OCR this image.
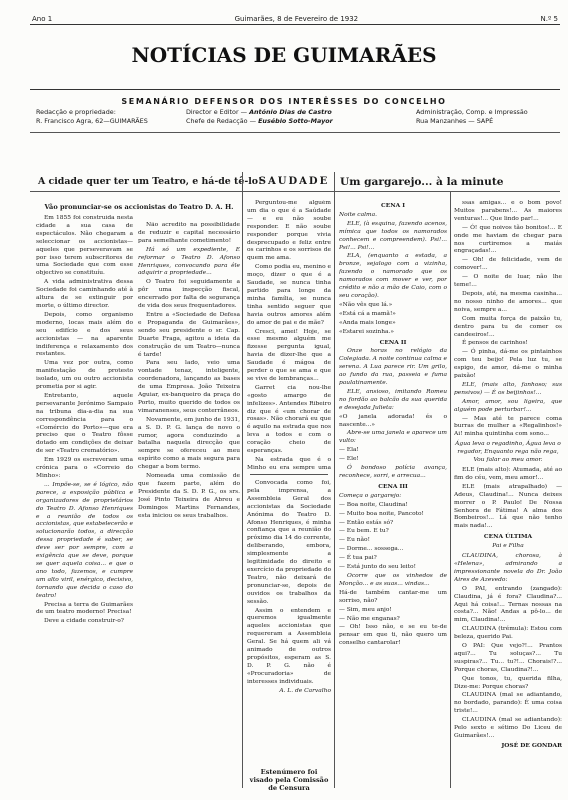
Ano 1	Guimarães, 8 de Fevereiro de 1932	N.º 5
NOTÍCIAS DE GUIMARÃES
SEMANÁRIO DEFENSOR DOS INTERÊSSES DO CONCELHO
Redacção e propriedade:
R. Francisco Agra, 62—GUIMARÃES
Director e Editor — António Dias de Castro
Chefe de Redacção — Eusébio Sotto-Mayor
Administração, Comp. e Impressão
Rua Manzanhes — SAPÉ
A cidade quer ter um Teatro, e há-de tê-lo!
SAUDADE	Um gargarejo... à la minute
Vão pronunciar-se os accionistas do Teatro D. A. H.

Em 1855 foi construída nesta cidade a sua casa de espectáculos. Não chegaram a seleccionar os accionistas—aqueles que perseveravam se por isso terem subscritores de uma Sociedade que com esse objectivo se constituíu.

A vida administrativa dessa Sociedade foi caminhando até à altura de se extinguir por morte, o último director.

Depois, como organismo moderno, locas mais além do seu edifício e dos seus accionistas — na aparente indiferença e relaxamento dos restantes.

Uma vez por outra, como manifestação de protesto isolado, um ou outro accionista prometia por si agir.

Entretanto, aquele persevarante Jerónimo Sampaio na tribuna dia-a-dia na sua correspondência para o «Comércio do Porto»—que era preciso que o Teatro fôsse dotado em condições de deixar de ser «Teatro crematório».

Em 1929 os escreveram uma crónica para o «Correio do Minho»:

... Impõe-se, se é lógico, não parece, a exposição pública e organizadores de proprietários do Teatro D. Afonso Henriques e a reunião de todos os accionistas, que estabelecerão e solucionarão todos, a direcção dessa propriedade é saber, se deve ser por sempre, com a exigência que se deve, porque se quer aquela coisa... e que o ano todo, fazemos, e cumpre um alto viril, enérgico, decisivo, tornando que decida o caso do teatro!

Precisa a terra de Guimarães de um teatro moderno! Precisa!

Deve a cidade construir-o?

Não acredito na possibilidade de reduzir e capital necessário para semelhante cometimento!

Há só um expediente, E reformar o Teatro D. Afonso Henriques, convocando para êle adquirir a propriedade...

O Teatro foi seguidamente a pôr uma inspecção fiscal, encerrado por falta de segurança de vida dos seus frequentadores.

Entre a «Sociedade de Defesa e Propaganda de Guimarães», sendo seu presidente o sr. Cap. Duarte Fraga, agitou a ideia da construção de um Teatro—nunca é tarde!

Para seu lado, veio uma vontade tenaz, inteligente, coordenadora, lançando as bases de uma Empresa. João Teixeira Aguiar, ex-banqueiro da praça do Porto, muito querido de todos os vimaranenses, seus conterrâneos.

Novamente, em junho de 1931, a S. D. P. G. lança de novo o rumor, agora conduzindo a batalha naquela direcção que sempre se ofereceu ao meu espírito como a mais segura para chegar a bom termo.

Nomeada uma comissão de que fazem parte, além do Presidente da S. D. P. G., os srs. José Pinto Teixeira de Abreu e Domingos Martins Fernandes, esta iniciou os seus trabalhos.

Estenúmero foi visado pela Comissão de Censura

Perguntou-me alguém um dia o que é a Saúdade — e eu não soube responder. E não soube responder porque vivia desprecupado e feliz entre os carinhos e os sorrisos de quem me ama.

Como podia eu, menino e moço, dizer o que é a Saudade, se nunca tinha partido para longe da minha família, se nunca tinha sentido seguer que havia outros amores além do amor de pai e de mãe?

Cresci, amei! Hoje, se esse mesmo alguém me fizesse pergunta igual, havia de dizer-lhe que a Saudade é mágoa de perder o que se ama e que se vive de lembranças...

Garret cia nou-lhe «gosto amargo de infelizes». Antendes Ribeiro diz que é «um chorar de rosas». Não chorará eu que é aquilo na estrada que nos leva a todos e com o coração cheio de esperanças.

Na estrada que é o Minho eu era sempre uma

Convocada como foi, pela imprensa, a Assembleia Geral dos accionistas da Sociedade Anónima do Teatro D. Afonso Henriques, é minha confiança que a reunião do próximo dia 14 do corrente, deliberando, embora, simplesmente a legitimidade do direito e exercício da propriedade do Teatro, não deixará de pronunciar-se, depois de ouvidos os trabalhos da sessão.

Assim o entendem e queremos igualmente aqueles accionistas que requereram a Assembleia Geral. Se há quem ali vá animado de outros propósitos, esperam as S. D. P. G. não é «Procuradoria» de interesses individuais.

A. L. de Carvalho

CENA I

Noite calma.

ELE, (à esquina, fazendo acenos, mímica que todos os namorados conhecem e compreendem). Psi!... Psi!... Psi!...

ELA, (enquanto a estada, a bronze, sejalogo com a vizinha, fazendo o namorado que os namorados com mover e ver, por crédito e não a mão de Caio, com o seu coração).

«Não vês que lá.»

«Está cá a mamã!»

«Anda mais longe»

«Estarei sozinha.»

CENA II

Onze horas no relógio da Colegiada. A noite continua calma e serena. A Lua parece rir. Um grilo, ao fundo da rua, passeia e fuma paulatinamente.

ELE, ansioso, imitando Romeu no fordão ao balcão da sua querida e desejada Julieta:

«O janela adorada! és o nascente...»

Abre-se uma janela e aparece um vulto:

— Ela!

— Ele!

Ó bondoso polícia avança, reconhece, sorri, e arrecua...

CENA III

Começa o gargarejo:

— Boa noite, Claudina!

— Muito boa noite, Pancoto!

— Então estás só?

— Eu bem. E tu?

— Eu não!

— Dorme... sossega...

— É tua pai?

— Está junto do seu leito!

Ocorre que os vinhedos de Monção... e as suas... vindas...

Há-de também cantar-me um sorriso, não?

— Sim, meu anjo!

— Não me enganas?

— Oh! Isso não, e se eu te-de pensar em que ti, não quero um conselho cantarolar!

ssas amigas... e o bom povo! Muitos parabens!... As maiores venturas!... Que lindo par!...

— Ó! que noivos tão bonitos!... E onde me haviam de chegar para nos curtiremos a maiás engraçadas!...

— Oh! de felicidade, vem de comover!...

— O noite de luar, não lhe teme!...

Depois, até, na mesma casinha... no nosso ninho de amores... que noiva, sempre a...

Com muita força de paixão tu, dentro para tu de comer os candeeiros!...

É pensos de carinhos!

— Ó pinha, dá-me os pintainhos com teu beijo! Pela luz tu, se espigo, de amor, dá-me o minha paixão!

ELE, (mais alto, fanhoso; sus pensivos) — É os beijinhos!...

Amor, amor, sou ligeira, que alguém pode perturbar!...

— Mas até te parece coma burras de mulher a «Regalinhos!» Ai! minha quintinha com sono...

Água leva o regadinho, Água leva o regador, Enquanto rega não rega, Vou falar ao meu amor.

ELE (mais alto): Atumada, até ao fim do céu, vem, meu amor!...

ELE (mais atrapalhado) — Adeus, Claudina!... Nunca deixes morrer o P. Paulo! De Nossa Senhora de Fátima! A alma dos Bombeiros!... Lá que não tenho mais nada!...

CENA ÚLTIMA

Pai e Filha

CLAUDINA, chorosa, à «Helena», admirando a impressionante novela do Dr. João Aires de Azevedo:

O PAI, entrando (zangado): Claudina, já é fora? Claudina?... Aqui há coisa!... Ternas nossas na costa?... Não! Andas a pô-lo... de mim, Claudina!...

CLAUDINA (trémula): Estou com beleza, querido Pai.

O PAI: Que vejo?!... Prantos aqui?... Tu soluças?... Tu suspiras?... Tu... tu?!... Chorais!?... Porque choras, Claudina?!...

Que tonos, tu, querida filha, Dize-me: Porque choras?

CLAUDINA (mal se adiantando, no bordado, parando): É uma coisa triste!...

CLAUDINA (mal se adiantando): Pelo sexto e sétimo Do Liceu de Guimarães!...

JOSÉ DE GONDAR
